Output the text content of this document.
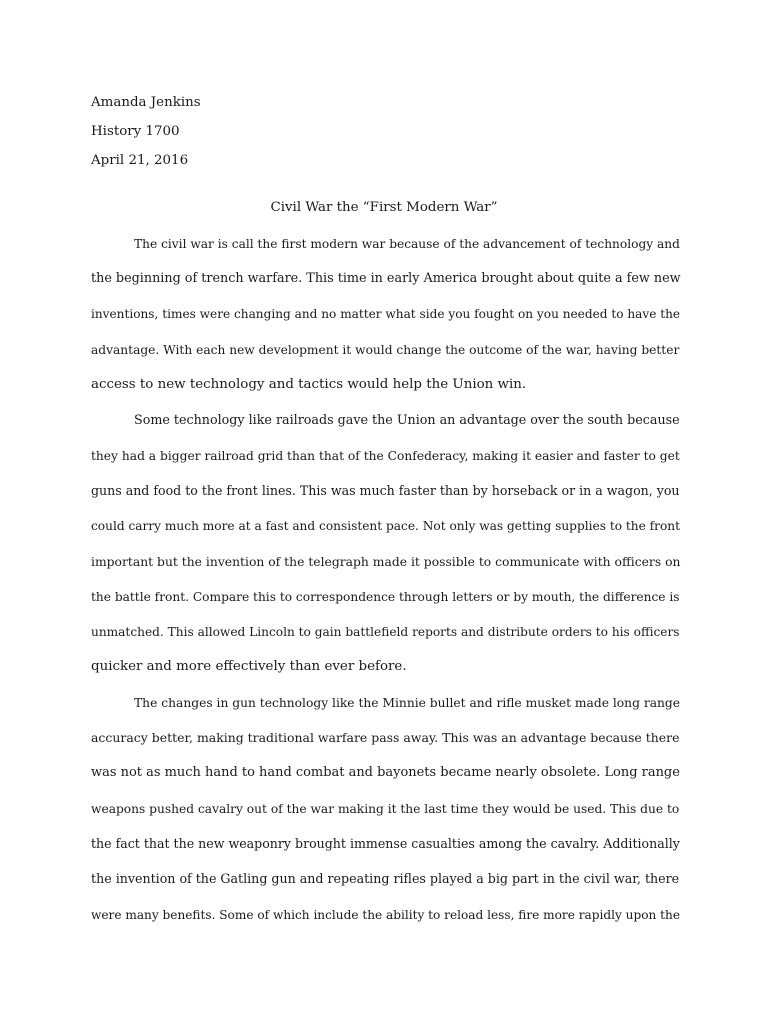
Amanda Jenkins
History 1700
April 21, 2016
Civil War the “First Modern War”
The civil war is call the first modern war because of the advancement of technology and
the beginning of trench warfare. This time in early America brought about quite a few new
inventions, times were changing and no matter what side you fought on you needed to have the
advantage. With each new development it would change the outcome of the war, having better
access to new technology and tactics would help the Union win.
Some technology like railroads gave the Union an advantage over the south because
they had a bigger railroad grid than that of the Confederacy, making it easier and faster to get
guns and food to the front lines. This was much faster than by horseback or in a wagon, you
could carry much more at a fast and consistent pace. Not only was getting supplies to the front
important but the invention of the telegraph made it possible to communicate with officers on
the battle front. Compare this to correspondence through letters or by mouth, the difference is
unmatched. This allowed Lincoln to gain battlefield reports and distribute orders to his officers
quicker and more effectively than ever before.
The changes in gun technology like the Minnie bullet and rifle musket made long range
accuracy better, making traditional warfare pass away. This was an advantage because there
was not as much hand to hand combat and bayonets became nearly obsolete. Long range
weapons pushed cavalry out of the war making it the last time they would be used. This due to
the fact that the new weaponry brought immense casualties among the cavalry. Additionally
the invention of the Gatling gun and repeating rifles played a big part in the civil war, there
were many benefits. Some of which include the ability to reload less, fire more rapidly upon the
